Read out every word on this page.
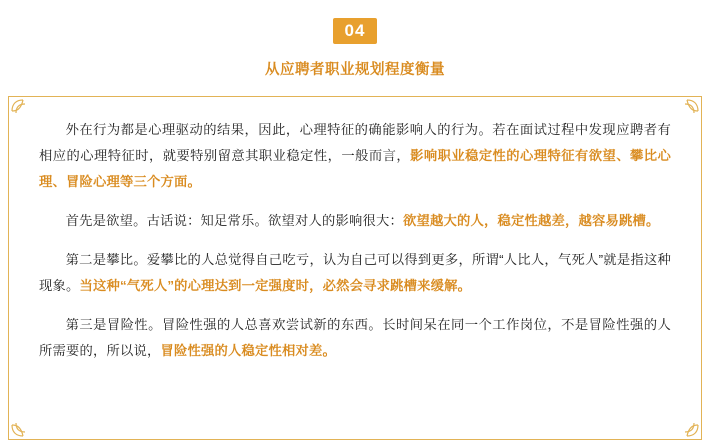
04
从应聘者职业规划程度衡量

外在行为都是心理驱动的结果，因此，心理特征的确能影响人的行为。若在面试过程中发现应聘者有相应的心理特征时，就要特别留意其职业稳定性，一般而言，影响职业稳定性的心理特征有欲望、攀比心理、冒险心理等三个方面。

首先是欲望。古话说：知足常乐。欲望对人的影响很大：欲望越大的人，稳定性越差，越容易跳槽。

第二是攀比。爱攀比的人总觉得自己吃亏，认为自己可以得到更多，所谓“人比人，气死人”就是指这种现象。当这种“气死人”的心理达到一定强度时，必然会寻求跳槽来缓解。

第三是冒险性。冒险性强的人总喜欢尝试新的东西。长时间呆在同一个工作岗位，不是冒险性强的人所需要的，所以说，冒险性强的人稳定性相对差。
